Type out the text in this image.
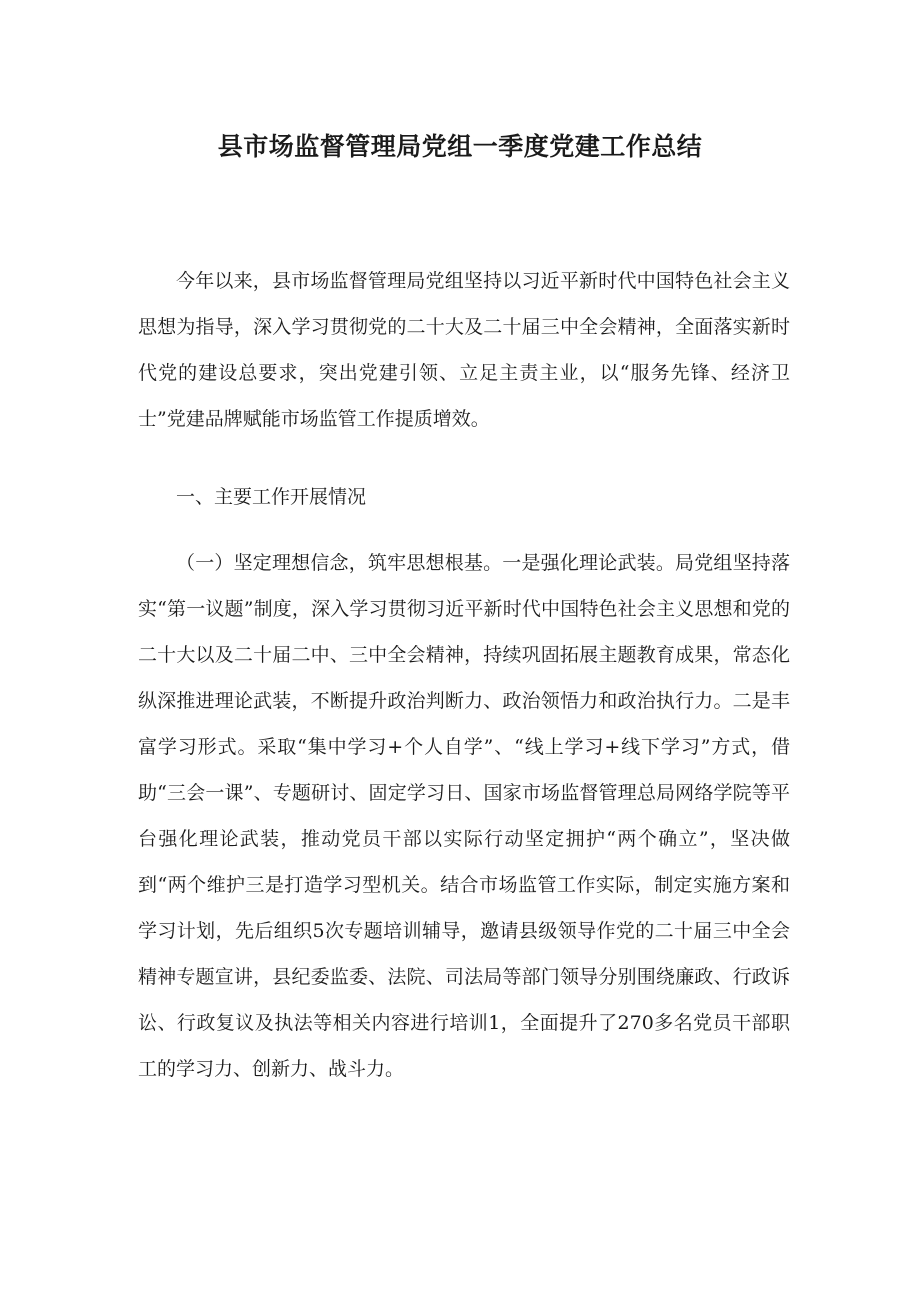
县市场监督管理局党组一季度党建工作总结

今年以来，县市场监督管理局党组坚持以习近平新时代中国特色社会主义思想为指导，深入学习贯彻党的二十大及二十届三中全会精神，全面落实新时代党的建设总要求，突出党建引领、立足主责主业，以“服务先锋、经济卫士”党建品牌赋能市场监管工作提质增效。

一、主要工作开展情况

（一）坚定理想信念，筑牢思想根基。一是强化理论武装。局党组坚持落实“第一议题”制度，深入学习贯彻习近平新时代中国特色社会主义思想和党的二十大以及二十届二中、三中全会精神，持续巩固拓展主题教育成果，常态化纵深推进理论武装，不断提升政治判断力、政治领悟力和政治执行力。二是丰富学习形式。采取“集中学习+个人自学”、“线上学习+线下学习”方式，借助“三会一课”、专题研讨、固定学习日、国家市场监督管理总局网络学院等平台强化理论武装，推动党员干部以实际行动坚定拥护“两个确立”，坚决做到“两个维护三是打造学习型机关。结合市场监管工作实际，制定实施方案和学习计划，先后组织5次专题培训辅导，邀请县级领导作党的二十届三中全会精神专题宣讲，县纪委监委、法院、司法局等部门领导分别围绕廉政、行政诉讼、行政复议及执法等相关内容进行培训1，全面提升了270多名党员干部职工的学习力、创新力、战斗力。
